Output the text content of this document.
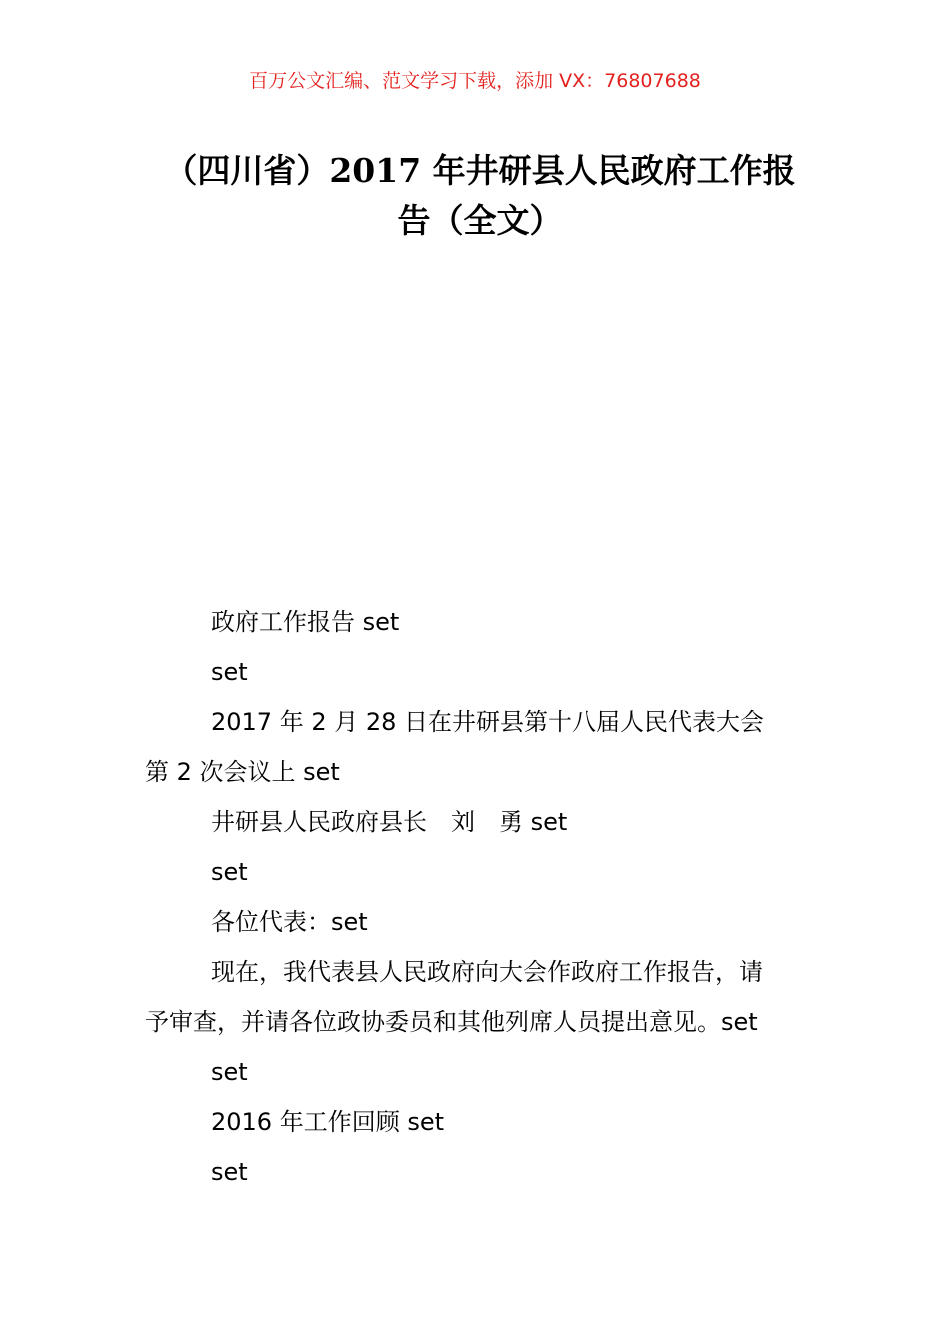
百万公文汇编、范文学习下载，添加 VX：76807688
（四川省）2017 年井研县人民政府工作报
告（全文）

政府工作报告 set

set

2017 年 2 月 28 日在井研县第十八届人民代表大会
第 2 次会议上 set

井研县人民政府县长　刘　勇 set

set

各位代表：set

现在，我代表县人民政府向大会作政府工作报告，请
予审查，并请各位政协委员和其他列席人员提出意见。set

set

2016 年工作回顾 set

set
